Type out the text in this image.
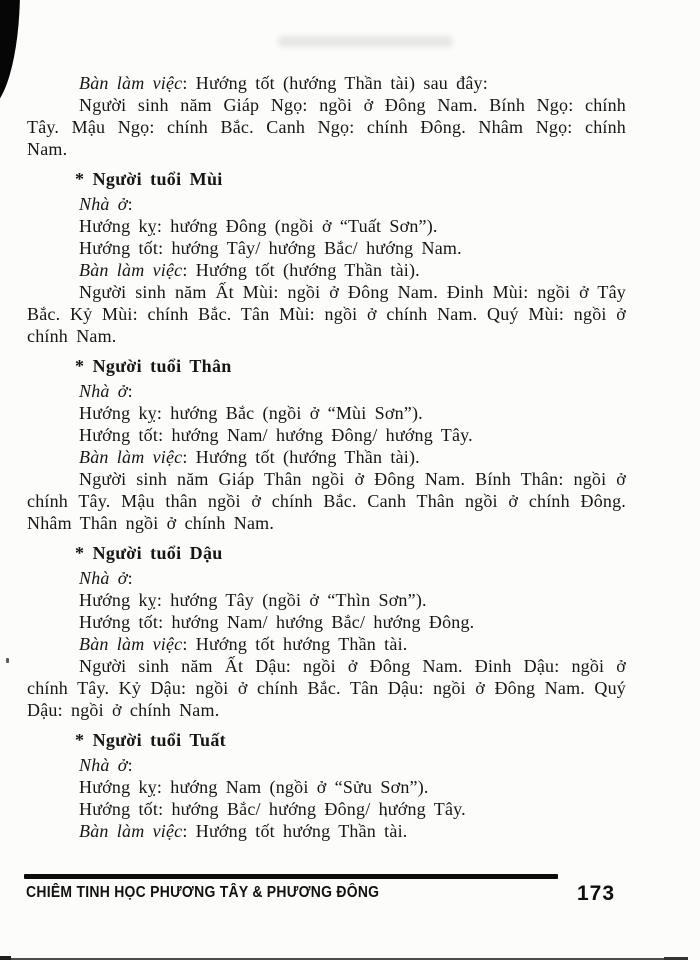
Bàn làm việc: Hướng tốt (hướng Thần tài) sau đây:

Người sinh năm Giáp Ngọ: ngồi ở Đông Nam. Bính Ngọ: chính Tây. Mậu Ngọ: chính Bắc. Canh Ngọ: chính Đông. Nhâm Ngọ: chính Nam.

* Người tuổi Mùi

Nhà ở:

Hướng kỵ: hướng Đông (ngồi ở “Tuất Sơn”).

Hướng tốt: hướng Tây/ hướng Bắc/ hướng Nam.

Bàn làm việc: Hướng tốt (hướng Thần tài).

Người sinh năm Ất Mùi: ngồi ở Đông Nam. Đinh Mùi: ngồi ở Tây Bắc. Kỷ Mùi: chính Bắc. Tân Mùi: ngồi ở chính Nam. Quý Mùi: ngồi ở chính Nam.

* Người tuổi Thân

Nhà ở:

Hướng kỵ: hướng Bắc (ngồi ở “Mùi Sơn”).

Hướng tốt: hướng Nam/ hướng Đông/ hướng Tây.

Bàn làm việc: Hướng tốt (hướng Thần tài).

Người sinh năm Giáp Thân ngồi ở Đông Nam. Bính Thân: ngồi ở chính Tây. Mậu thân ngồi ở chính Bắc. Canh Thân ngồi ở chính Đông. Nhâm Thân ngồi ở chính Nam.

* Người tuổi Dậu

Nhà ở:

Hướng kỵ: hướng Tây (ngồi ở “Thìn Sơn”).

Hướng tốt: hướng Nam/ hướng Bắc/ hướng Đông.

Bàn làm việc: Hướng tốt hướng Thần tài.

Người sinh năm Ất Dậu: ngồi ở Đông Nam. Đinh Dậu: ngồi ở chính Tây. Kỷ Dậu: ngồi ở chính Bắc. Tân Dậu: ngồi ở Đông Nam. Quý Dậu: ngồi ở chính Nam.

* Người tuổi Tuất

Nhà ở:

Hướng kỵ: hướng Nam (ngồi ở “Sửu Sơn”).

Hướng tốt: hướng Bắc/ hướng Đông/ hướng Tây.

Bàn làm việc: Hướng tốt hướng Thần tài.

CHIÊM TINH HỌC PHƯƠNG TÂY & PHƯƠNG ĐÔNG	173
